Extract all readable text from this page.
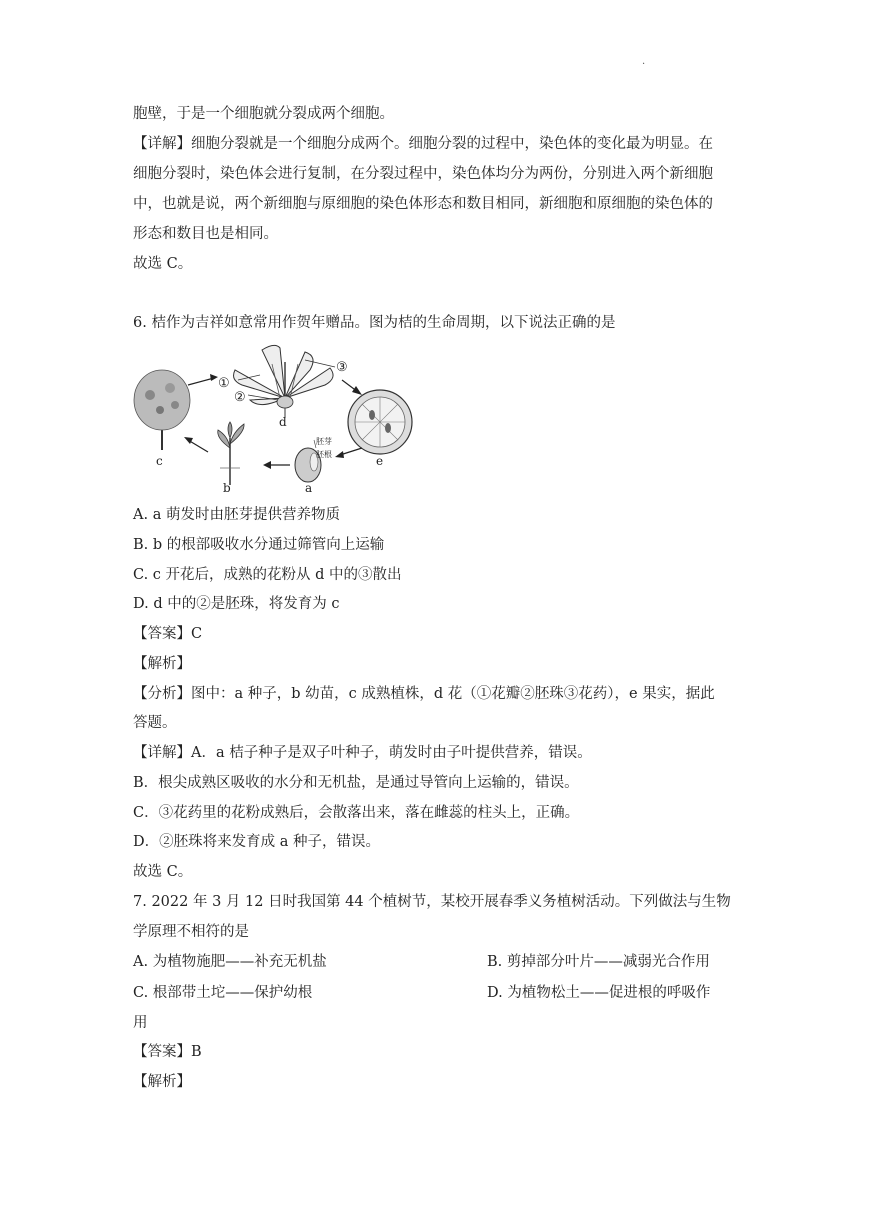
.
胞壁，于是一个细胞就分裂成两个细胞。
【详解】细胞分裂就是一个细胞分成两个。细胞分裂的过程中，染色体的变化最为明显。在
细胞分裂时，染色体会进行复制，在分裂过程中，染色体均分为两份，分别进入两个新细胞
中，也就是说，两个新细胞与原细胞的染色体形态和数目相同，新细胞和原细胞的染色体的
形态和数目也是相同。
故选 C。
6. 桔作为吉祥如意常用作贺年赠品。图为桔的生命周期，以下说法正确的是
c
①
②
③
d
e
胚芽
胚根
a
b
A. a 萌发时由胚芽提供营养物质
B. b 的根部吸收水分通过筛管向上运输
C. c 开花后，成熟的花粉从 d 中的③散出
D. d 中的②是胚珠，将发育为 c
【答案】C
【解析】
【分析】图中：a 种子，b 幼苗，c 成熟植株，d 花（①花瓣②胚珠③花药），e 果实，据此
答题。
【详解】A．a 桔子种子是双子叶种子，萌发时由子叶提供营养，错误。
B．根尖成熟区吸收的水分和无机盐，是通过导管向上运输的，错误。
C．③花药里的花粉成熟后，会散落出来，落在雌蕊的柱头上，正确。
D．②胚珠将来发育成 a 种子，错误。
故选 C。
7. 2022 年 3 月 12 日时我国第 44 个植树节，某校开展春季义务植树活动。下列做法与生物
学原理不相符的是
A. 为植物施肥——补充无机盐	B. 剪掉部分叶片——减弱光合作用
C. 根部带土坨——保护幼根	D. 为植物松土——促进根的呼吸作
用
【答案】B
【解析】
